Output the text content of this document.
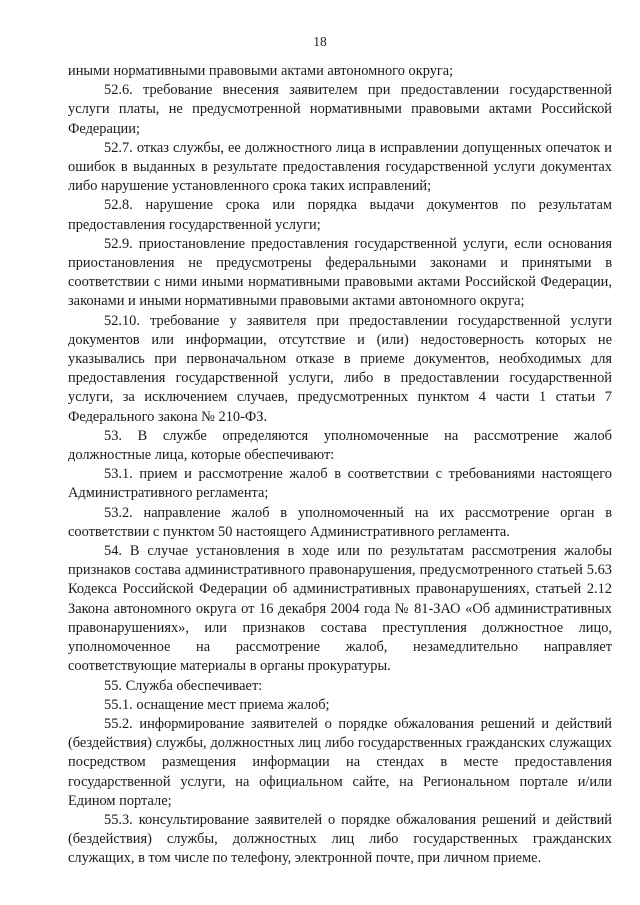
18

иными нормативными правовыми актами автономного округа;

52.6. требование внесения заявителем при предоставлении государственной услуги платы, не предусмотренной нормативными правовыми актами Российской Федерации;

52.7. отказ службы, ее должностного лица в исправлении допущенных опечаток и ошибок в выданных в результате предоставления государственной услуги документах либо нарушение установленного срока таких исправлений;

52.8. нарушение срока или порядка выдачи документов по результатам предоставления государственной услуги;

52.9. приостановление предоставления государственной услуги, если основания приостановления не предусмотрены федеральными законами и принятыми в соответствии с ними иными нормативными правовыми актами Российской Федерации, законами и иными нормативными правовыми актами автономного округа;

52.10. требование у заявителя при предоставлении государственной услуги документов или информации, отсутствие и (или) недостоверность которых не указывались при первоначальном отказе в приеме документов, необходимых для предоставления государственной услуги, либо в предоставлении государственной услуги, за исключением случаев, предусмотренных пунктом 4 части 1 статьи 7 Федерального закона № 210-ФЗ.

53. В службе определяются уполномоченные на рассмотрение жалоб должностные лица, которые обеспечивают:

53.1. прием и рассмотрение жалоб в соответствии с требованиями настоящего Административного регламента;

53.2. направление жалоб в уполномоченный на их рассмотрение орган в соответствии с пунктом 50 настоящего Административного регламента.

54. В случае установления в ходе или по результатам рассмотрения жалобы признаков состава административного правонарушения, предусмотренного статьей 5.63 Кодекса Российской Федерации об административных правонарушениях, статьей 2.12 Закона автономного округа от 16 декабря 2004 года № 81-ЗАО «Об административных правонарушениях», или признаков состава преступления должностное лицо, уполномоченное на рассмотрение жалоб, незамедлительно направляет соответствующие материалы в органы прокуратуры.

55. Служба обеспечивает:

55.1. оснащение мест приема жалоб;

55.2. информирование заявителей о порядке обжалования решений и действий (бездействия) службы, должностных лиц либо государственных гражданских служащих посредством размещения информации на стендах в месте предоставления государственной услуги, на официальном сайте, на Региональном портале и/или Едином портале;

55.3. консультирование заявителей о порядке обжалования решений и действий (бездействия) службы, должностных лиц либо государственных гражданских служащих, в том числе по телефону, электронной почте, при личном приеме.
